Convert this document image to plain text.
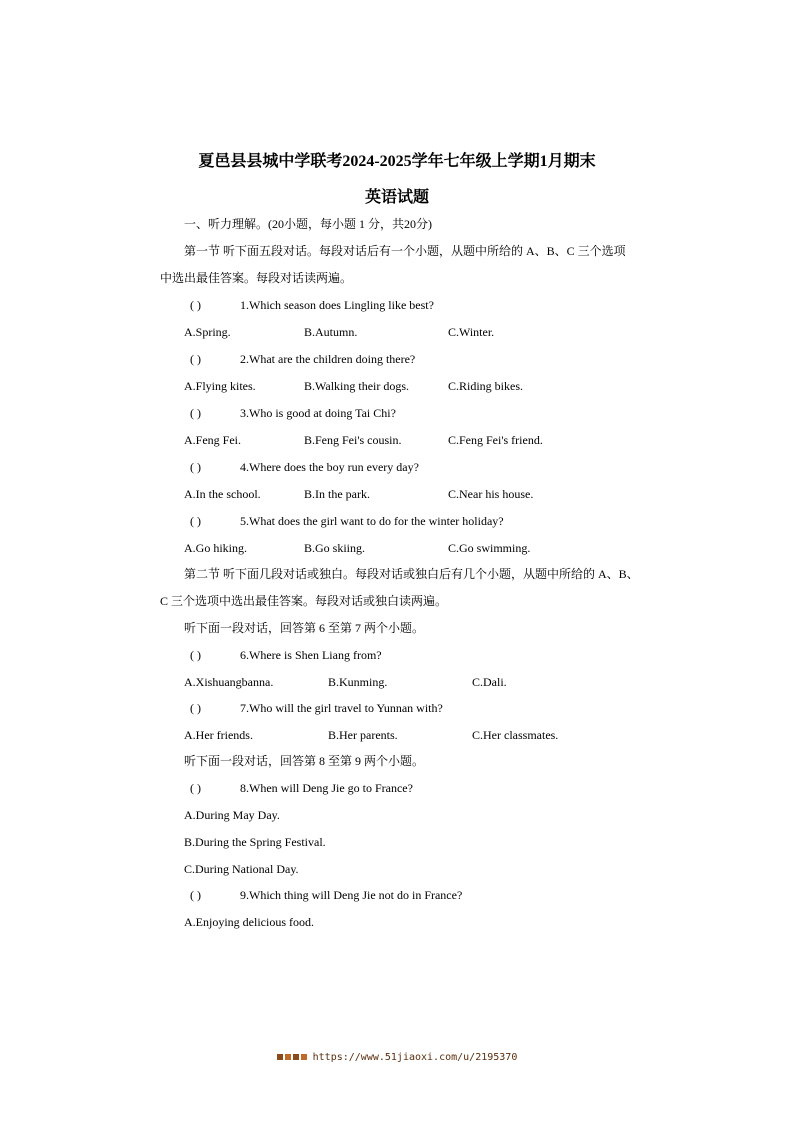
夏邑县县城中学联考2024-2025学年七年级上学期1月期末
英语试题
一、听力理解。(20小题，每小题 1 分，共20分)
第一节 听下面五段对话。每段对话后有一个小题，从题中所给的 A、B、C 三个选项
中选出最佳答案。每段对话读两遍。
( )	1.Which season does Lingling like best?
A.Spring.	B.Autumn.	C.Winter.
( )	2.What are the children doing there?
A.Flying kites.	B.Walking their dogs.	C.Riding bikes.
( )	3.Who is good at doing Tai Chi?
A.Feng Fei.	B.Feng Fei's cousin.	C.Feng Fei's friend.
( )	4.Where does the boy run every day?
A.In the school.	B.In the park.	C.Near his house.
( )	5.What does the girl want to do for the winter holiday?
A.Go hiking.	B.Go skiing.	C.Go swimming.
第二节 听下面几段对话或独白。每段对话或独白后有几个小题，从题中所给的 A、B、
C 三个选项中选出最佳答案。每段对话或独白读两遍。
听下面一段对话，回答第 6 至第 7 两个小题。
( )	6.Where is Shen Liang from?
A.Xishuangbanna.	B.Kunming.	C.Dali.
( )	7.Who will the girl travel to Yunnan with?
A.Her friends.	B.Her parents.	C.Her classmates.
听下面一段对话，回答第 8 至第 9 两个小题。
( )	8.When will Deng Jie go to France?
A.During May Day.
B.During the Spring Festival.
C.During National Day.
( )	9.Which thing will Deng Jie not do in France?
A.Enjoying delicious food.
https://www.51jiaoxi.com/u/2195370
